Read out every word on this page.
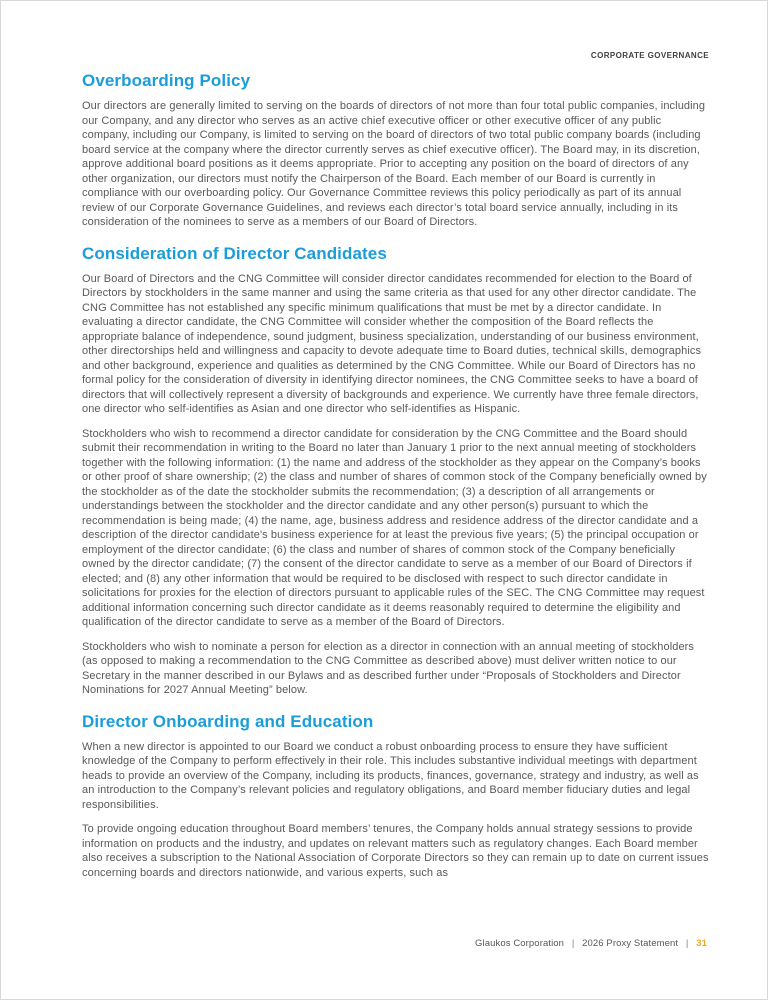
CORPORATE GOVERNANCE
Overboarding Policy

Our directors are generally limited to serving on the boards of directors of not more than four total public companies, including our Company, and any director who serves as an active chief executive officer or other executive officer of any public company, including our Company, is limited to serving on the board of directors of two total public company boards (including board service at the company where the director currently serves as chief executive officer). The Board may, in its discretion, approve additional board positions as it deems appropriate. Prior to accepting any position on the board of directors of any other organization, our directors must notify the Chairperson of the Board. Each member of our Board is currently in compliance with our overboarding policy. Our Governance Committee reviews this policy periodically as part of its annual review of our Corporate Governance Guidelines, and reviews each director’s total board service annually, including in its consideration of the nominees to serve as a members of our Board of Directors.

Consideration of Director Candidates

Our Board of Directors and the CNG Committee will consider director candidates recommended for election to the Board of Directors by stockholders in the same manner and using the same criteria as that used for any other director candidate. The CNG Committee has not established any specific minimum qualifications that must be met by a director candidate. In evaluating a director candidate, the CNG Committee will consider whether the composition of the Board reflects the appropriate balance of independence, sound judgment, business specialization, understanding of our business environment, other directorships held and willingness and capacity to devote adequate time to Board duties, technical skills, demographics and other background, experience and qualities as determined by the CNG Committee. While our Board of Directors has no formal policy for the consideration of diversity in identifying director nominees, the CNG Committee seeks to have a board of directors that will collectively represent a diversity of backgrounds and experience. We currently have three female directors, one director who self-identifies as Asian and one director who self-identifies as Hispanic.

Stockholders who wish to recommend a director candidate for consideration by the CNG Committee and the Board should submit their recommendation in writing to the Board no later than January 1 prior to the next annual meeting of stockholders together with the following information: (1) the name and address of the stockholder as they appear on the Company’s books or other proof of share ownership; (2) the class and number of shares of common stock of the Company beneficially owned by the stockholder as of the date the stockholder submits the recommendation; (3) a description of all arrangements or understandings between the stockholder and the director candidate and any other person(s) pursuant to which the recommendation is being made; (4) the name, age, business address and residence address of the director candidate and a description of the director candidate's business experience for at least the previous five years; (5) the principal occupation or employment of the director candidate; (6) the class and number of shares of common stock of the Company beneficially owned by the director candidate; (7) the consent of the director candidate to serve as a member of our Board of Directors if elected; and (8) any other information that would be required to be disclosed with respect to such director candidate in solicitations for proxies for the election of directors pursuant to applicable rules of the SEC. The CNG Committee may request additional information concerning such director candidate as it deems reasonably required to determine the eligibility and qualification of the director candidate to serve as a member of the Board of Directors.

Stockholders who wish to nominate a person for election as a director in connection with an annual meeting of stockholders (as opposed to making a recommendation to the CNG Committee as described above) must deliver written notice to our Secretary in the manner described in our Bylaws and as described further under “Proposals of Stockholders and Director Nominations for 2027 Annual Meeting” below.

Director Onboarding and Education

When a new director is appointed to our Board we conduct a robust onboarding process to ensure they have sufficient knowledge of the Company to perform effectively in their role. This includes substantive individual meetings with department heads to provide an overview of the Company, including its products, finances, governance, strategy and industry, as well as an introduction to the Company’s relevant policies and regulatory obligations, and Board member fiduciary duties and legal responsibilities.

To provide ongoing education throughout Board members’ tenures, the Company holds annual strategy sessions to provide information on products and the industry, and updates on relevant matters such as regulatory changes. Each Board member also receives a subscription to the National Association of Corporate Directors so they can remain up to date on current issues concerning boards and directors nationwide, and various experts, such as

Glaukos Corporation | 2026 Proxy Statement | 31
